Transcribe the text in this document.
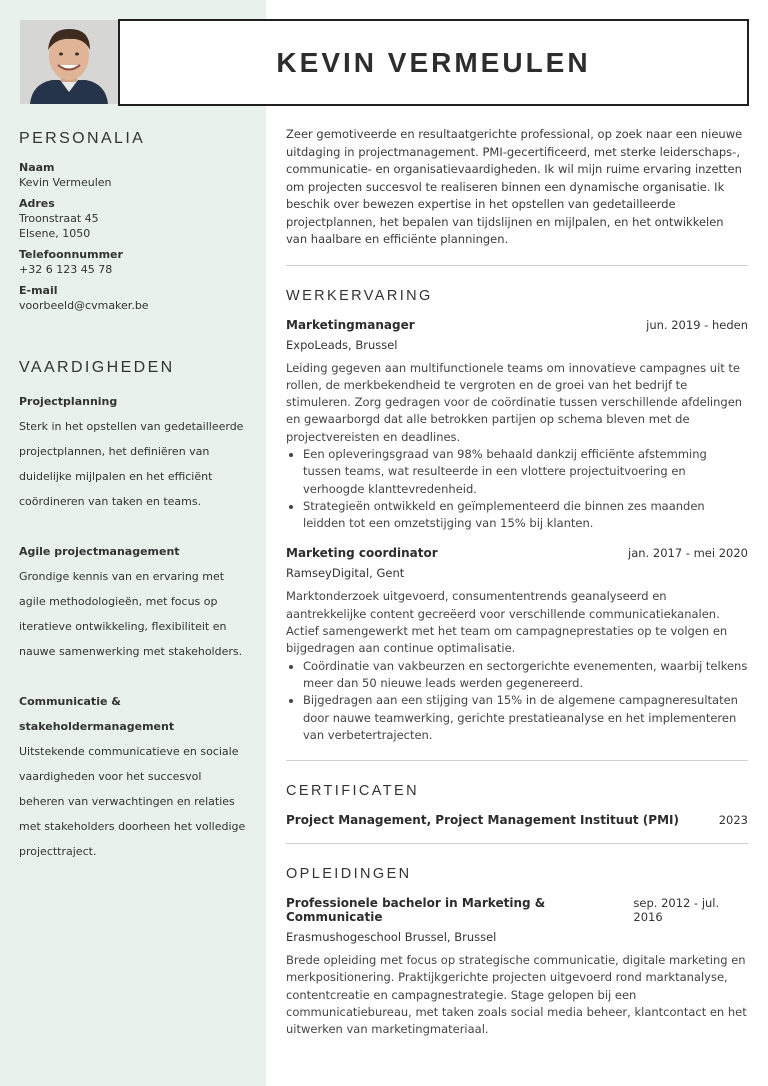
KEVIN VERMEULEN
PERSONALIA
Naam
Kevin Vermeulen
Adres
Troonstraat 45
Elsene, 1050
Telefoonnummer
+32 6 123 45 78
E-mail
voorbeeld@cvmaker.be
VAARDIGHEDEN
Projectplanning
Sterk in het opstellen van gedetailleerde projectplannen, het definiëren van duidelijke mijlpalen en het efficiënt coördineren van taken en teams.
Agile projectmanagement
Grondige kennis van en ervaring met agile methodologieën, met focus op iteratieve ontwikkeling, flexibiliteit en nauwe samenwerking met stakeholders.
Communicatie & stakeholdermanagement
Uitstekende communicatieve en sociale vaardigheden voor het succesvol beheren van verwachtingen en relaties met stakeholders doorheen het volledige projecttraject.

Zeer gemotiveerde en resultaatgerichte professional, op zoek naar een nieuwe uitdaging in projectmanagement. PMI-gecertificeerd, met sterke leiderschaps-, communicatie- en organisatievaardigheden. Ik wil mijn ruime ervaring inzetten om projecten succesvol te realiseren binnen een dynamische organisatie. Ik beschik over bewezen expertise in het opstellen van gedetailleerde projectplannen, het bepalen van tijdslijnen en mijlpalen, en het ontwikkelen van haalbare en efficiënte planningen.

WERKERVARING
Marketingmanager	jun. 2019 - heden
ExpoLeads, Brussel

Leiding gegeven aan multifunctionele teams om innovatieve campagnes uit te rollen, de merkbekendheid te vergroten en de groei van het bedrijf te stimuleren. Zorg gedragen voor de coördinatie tussen verschillende afdelingen en gewaarborgd dat alle betrokken partijen op schema bleven met de projectvereisten en deadlines.

• Een opleveringsgraad van 98% behaald dankzij efficiënte afstemming tussen teams, wat resulteerde in een vlottere projectuitvoering en verhoogde klanttevredenheid.
• Strategieën ontwikkeld en geïmplementeerd die binnen zes maanden leidden tot een omzetstijging van 15% bij klanten.
Marketing coordinator	jan. 2017 - mei 2020
RamseyDigital, Gent

Marktonderzoek uitgevoerd, consumententrends geanalyseerd en aantrekkelijke content gecreëerd voor verschillende communicatiekanalen. Actief samengewerkt met het team om campagneprestaties op te volgen en bijgedragen aan continue optimalisatie.

• Coördinatie van vakbeurzen en sectorgerichte evenementen, waarbij telkens meer dan 50 nieuwe leads werden gegenereerd.
• Bijgedragen aan een stijging van 15% in de algemene campagneresultaten door nauwe teamwerking, gerichte prestatieanalyse en het implementeren van verbetertrajecten.
CERTIFICATEN
Project Management, Project Management Instituut (PMI)	2023
OPLEIDINGEN
Professionele bachelor in Marketing & Communicatie
sep. 2012 - jul. 2016
Erasmushogeschool Brussel, Brussel

Brede opleiding met focus op strategische communicatie, digitale marketing en merkpositionering. Praktijkgerichte projecten uitgevoerd rond marktanalyse, contentcreatie en campagnestrategie. Stage gelopen bij een communicatiebureau, met taken zoals social media beheer, klantcontact en het uitwerken van marketingmateriaal.
